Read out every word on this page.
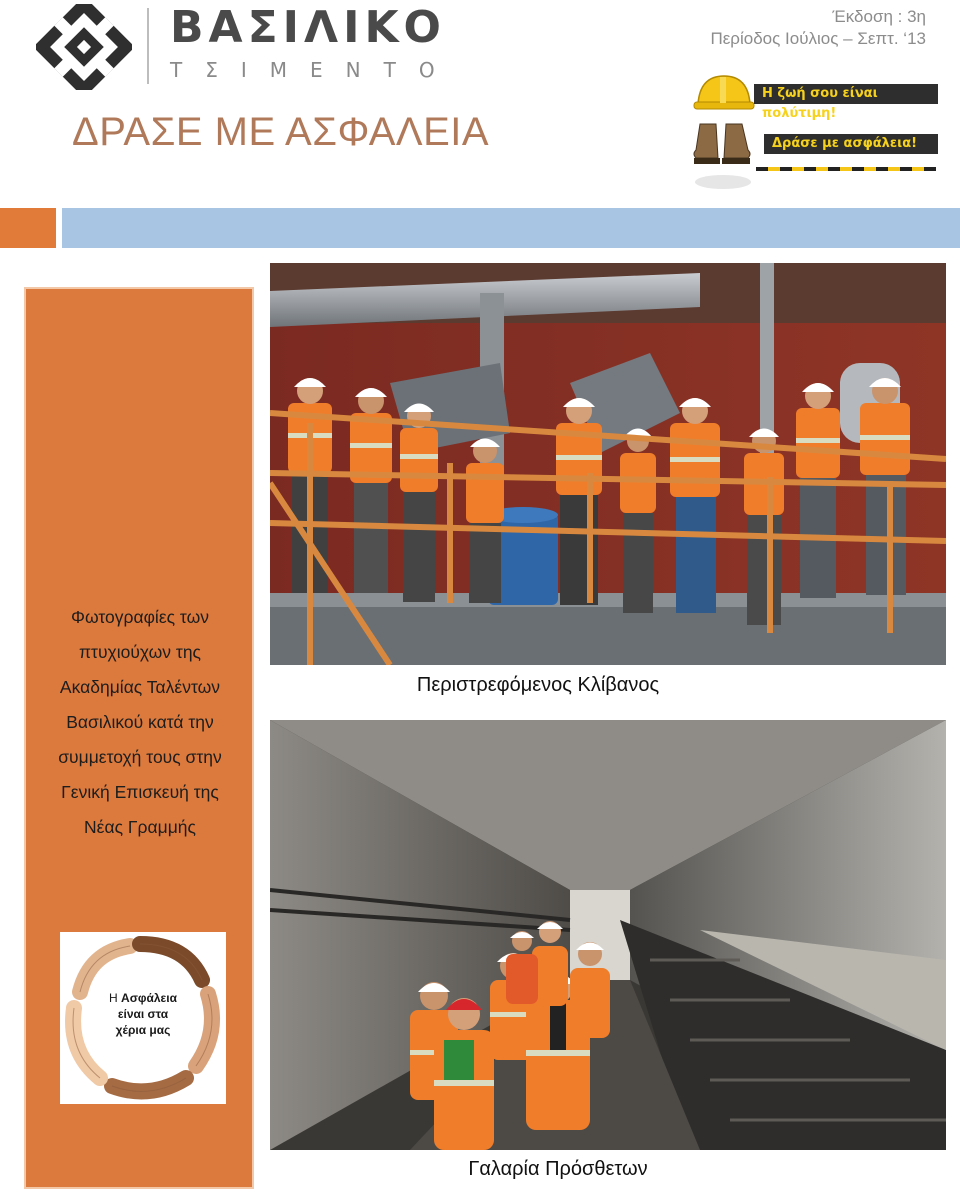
ΒΑΣΙΛΙΚΟ
ΤΣΙΜΕΝΤΟ
Έκδοση : 3η
Περίοδος Ιούλιος – Σεπτ. ‘13
ΔΡΑΣΕ ΜΕ ΑΣΦΑΛΕΙΑ
Η ζωή σου είναι πολύτιμη!
Δράσε με ασφάλεια!
Φωτογραφίες των
πτυχιούχων της
Ακαδημίας Ταλέντων
Βασιλικού κατά την
συμμετοχή τους στην
Γενική Επισκευή της
Νέας Γραμμής
Η Ασφάλεια
είναι στα
χέρια μας
Περιστρεφόμενος Κλίβανος
Γαλαρία Πρόσθετων
